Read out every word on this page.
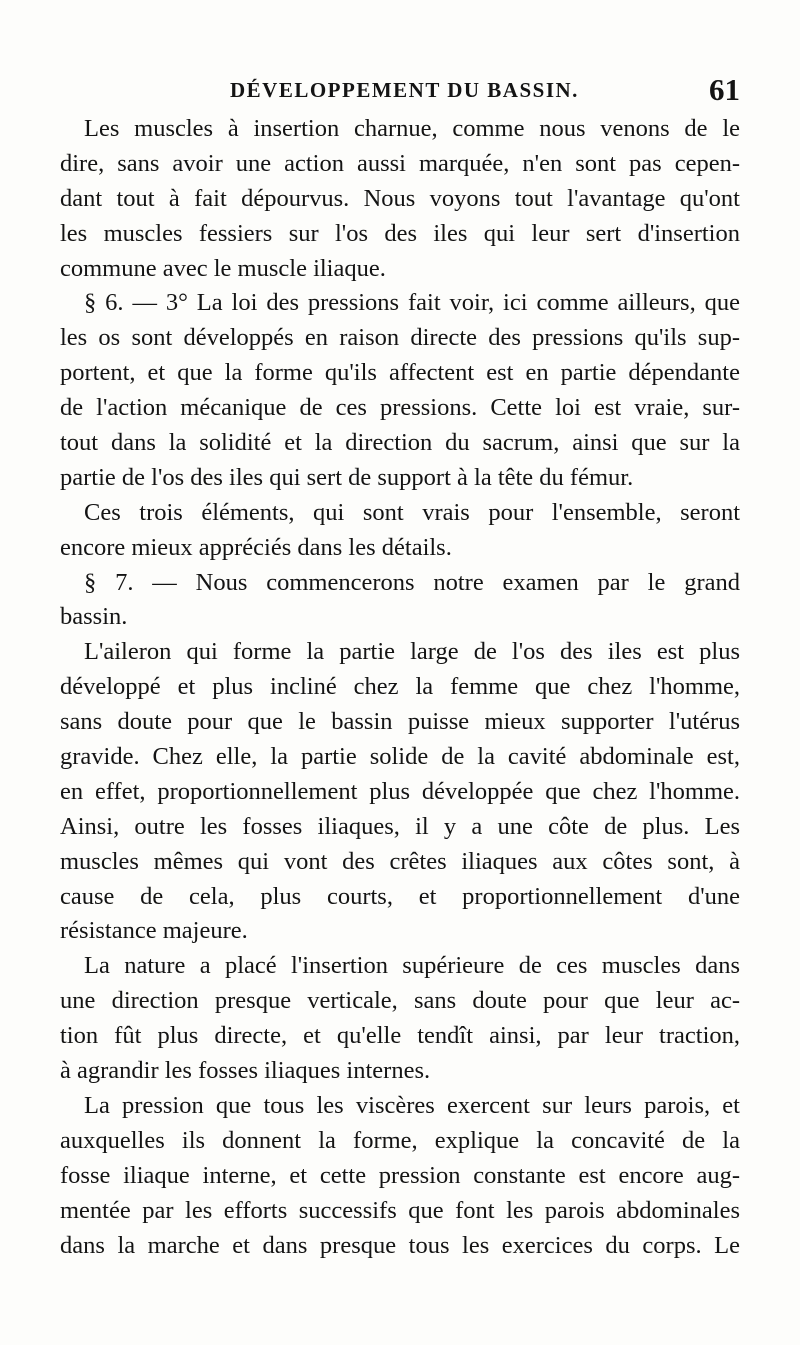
DÉVELOPPEMENT DU BASSIN.	61
Les muscles à insertion charnue, comme nous venons de le
dire, sans avoir une action aussi marquée, n'en sont pas cepen-
dant tout à fait dépourvus. Nous voyons tout l'avantage qu'ont
les muscles fessiers sur l'os des iles qui leur sert d'insertion
commune avec le muscle iliaque.
§ 6. — 3° La loi des pressions fait voir, ici comme ailleurs, que
les os sont développés en raison directe des pressions qu'ils sup-
portent, et que la forme qu'ils affectent est en partie dépendante
de l'action mécanique de ces pressions. Cette loi est vraie, sur-
tout dans la solidité et la direction du sacrum, ainsi que sur la
partie de l'os des iles qui sert de support à la tête du fémur.
Ces trois éléments, qui sont vrais pour l'ensemble, seront
encore mieux appréciés dans les détails.
§ 7. — Nous commencerons notre examen par le grand
bassin.
L'aileron qui forme la partie large de l'os des iles est plus
développé et plus incliné chez la femme que chez l'homme,
sans doute pour que le bassin puisse mieux supporter l'utérus
gravide. Chez elle, la partie solide de la cavité abdominale est,
en effet, proportionnellement plus développée que chez l'homme.
Ainsi, outre les fosses iliaques, il y a une côte de plus. Les
muscles mêmes qui vont des crêtes iliaques aux côtes sont, à
cause de cela, plus courts, et proportionnellement d'une
résistance majeure.
La nature a placé l'insertion supérieure de ces muscles dans
une direction presque verticale, sans doute pour que leur ac-
tion fût plus directe, et qu'elle tendît ainsi, par leur traction,
à agrandir les fosses iliaques internes.
La pression que tous les viscères exercent sur leurs parois, et
auxquelles ils donnent la forme, explique la concavité de la
fosse iliaque interne, et cette pression constante est encore aug-
mentée par les efforts successifs que font les parois abdominales
dans la marche et dans presque tous les exercices du corps. Le
